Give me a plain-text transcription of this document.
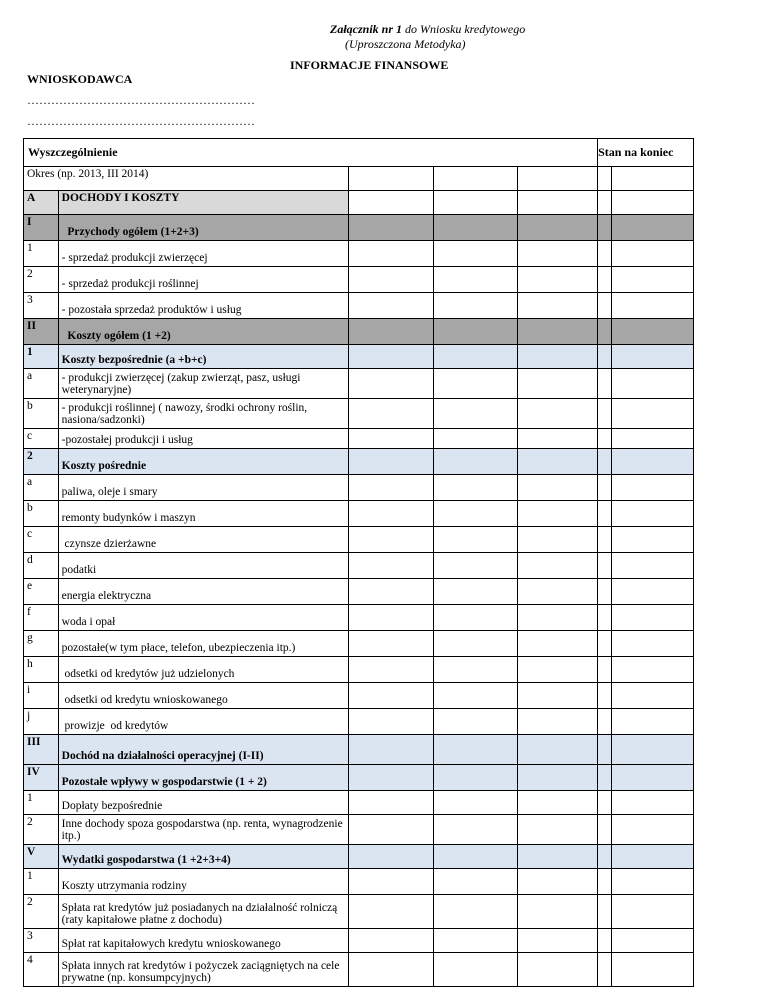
Załącznik nr 1 do Wniosku kredytowego
(Uproszczona Metodyka)
INFORMACJE FINANSOWE
WNIOSKODAWCA
…………………………………………………
…………………………………………………
Wyszczególnienie					Stan na koniec	
Okres (np. 2013, III 2014)						
A	DOCHODY I KOSZTY					
I	Przychody ogółem (1+2+3)					
1	- sprzedaż produkcji zwierzęcej					
2	- sprzedaż produkcji roślinnej					
3	- pozostała sprzedaż produktów i usług					
II	Koszty ogółem (1 +2)					
1	Koszty bezpośrednie (a +b+c)					
a	- produkcji zwierzęcej (zakup zwierząt, pasz, usługi weterynaryjne)					
b	- produkcji roślinnej ( nawozy, środki ochrony roślin, nasiona/sadzonki)					
c	-pozostałej produkcji i usług					
2	Koszty pośrednie					
a	paliwa, oleje i smary					
b	remonty budynków i maszyn					
c	czynsze dzierżawne					
d	podatki					
e	energia elektryczna					
f	woda i opał					
g	pozostałe(w tym płace, telefon, ubezpieczenia itp.)					
h	odsetki od kredytów już udzielonych					
i	odsetki od kredytu wnioskowanego					
j	prowizje  od kredytów					
III	Dochód na działalności operacyjnej (I-II)					
IV	Pozostałe wpływy w gospodarstwie (1 + 2)					
1	Dopłaty bezpośrednie					
2	Inne dochody spoza gospodarstwa (np. renta, wynagrodzenie itp.)					
V	Wydatki gospodarstwa (1 +2+3+4)					
1	Koszty utrzymania rodziny					
2	Spłata rat kredytów już posiadanych na działalność rolniczą (raty kapitałowe płatne z dochodu)					
3	Spłat rat kapitałowych kredytu wnioskowanego					
4	Spłata innych rat kredytów i pożyczek zaciągniętych na cele prywatne (np. konsumpcyjnych)					
